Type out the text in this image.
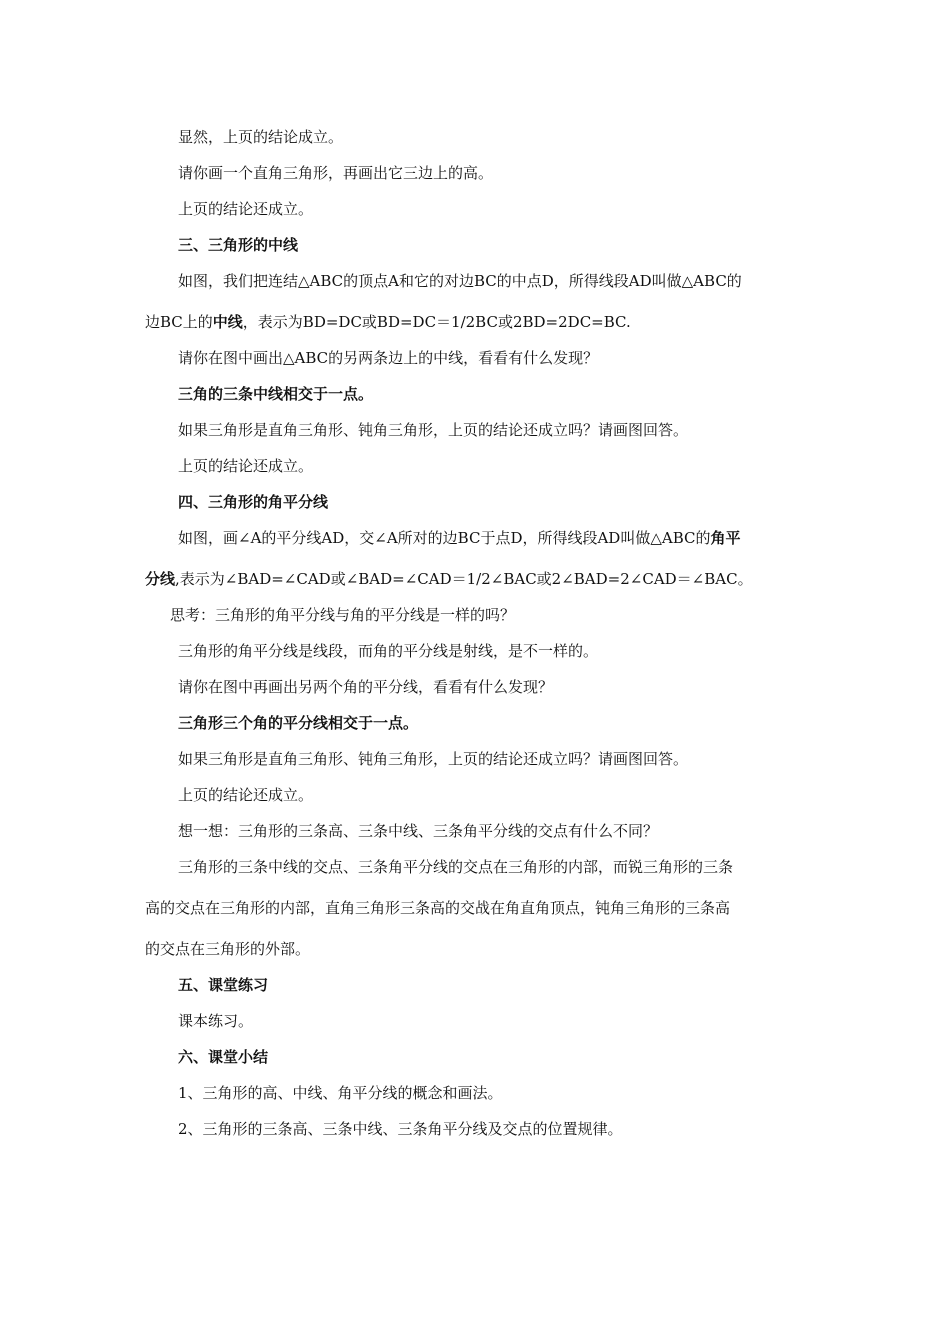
显然，上页的结论成立。
请你画一个直角三角形，再画出它三边上的高。
上页的结论还成立。
三、三角形的中线
如图，我们把连结△ABC的顶点A和它的对边BC的中点D，所得线段AD叫做△ABC的
边BC上的中线，表示为BD=DC或BD=DC＝1/2BC或2BD=2DC=BC.
请你在图中画出△ABC的另两条边上的中线，看看有什么发现？
三角的三条中线相交于一点。
如果三角形是直角三角形、钝角三角形，上页的结论还成立吗？请画图回答。
上页的结论还成立。
四、三角形的角平分线
如图，画∠A的平分线AD，交∠A所对的边BC于点D，所得线段AD叫做△ABC的角平
分线,表示为∠BAD=∠CAD或∠BAD=∠CAD＝1/2∠BAC或2∠BAD=2∠CAD＝∠BAC。
思考：三角形的角平分线与角的平分线是一样的吗？
三角形的角平分线是线段，而角的平分线是射线，是不一样的。
请你在图中再画出另两个角的平分线，看看有什么发现？
三角形三个角的平分线相交于一点。
如果三角形是直角三角形、钝角三角形，上页的结论还成立吗？请画图回答。
上页的结论还成立。
想一想：三角形的三条高、三条中线、三条角平分线的交点有什么不同？
三角形的三条中线的交点、三条角平分线的交点在三角形的内部，而锐三角形的三条
高的交点在三角形的内部，直角三角形三条高的交战在角直角顶点，钝角三角形的三条高
的交点在三角形的外部。
五、课堂练习
课本练习。
六、课堂小结
1、三角形的高、中线、角平分线的概念和画法。
2、三角形的三条高、三条中线、三条角平分线及交点的位置规律。
